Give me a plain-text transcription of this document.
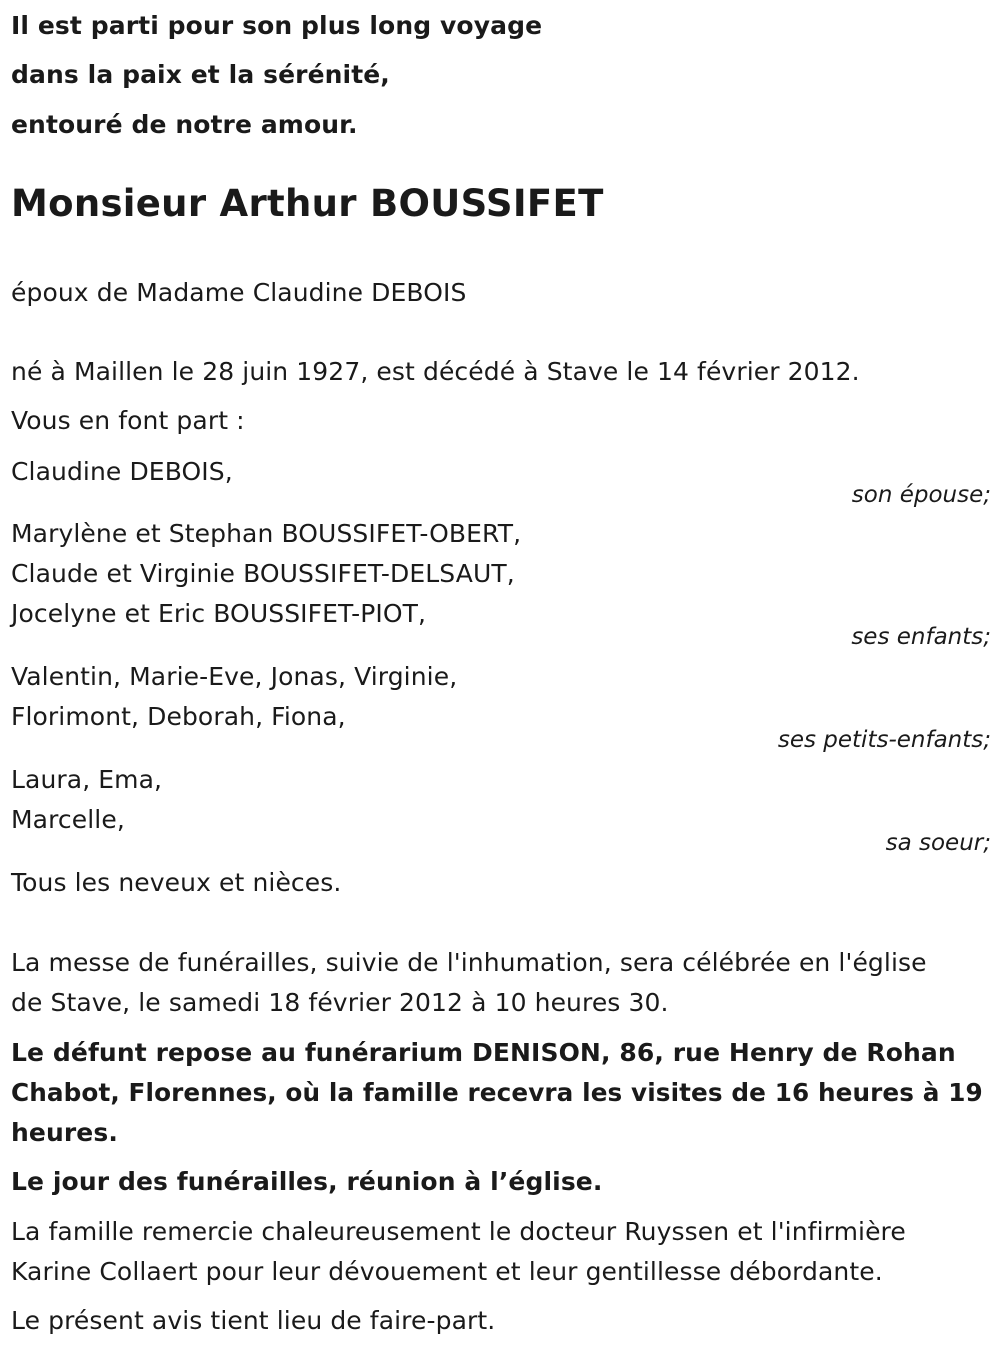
Il est parti pour son plus long voyage
dans la paix et la sérénité,
entouré de notre amour.
Monsieur Arthur BOUSSIFET
époux de Madame Claudine DEBOIS
né à Maillen le 28 juin 1927, est décédé à Stave le 14 février 2012.
Vous en font part :
Claudine DEBOIS,
son épouse;
Marylène et Stephan BOUSSIFET-OBERT,
Claude et Virginie BOUSSIFET-DELSAUT,
Jocelyne et Eric BOUSSIFET-PIOT,
ses enfants;
Valentin, Marie-Eve, Jonas, Virginie,
Florimont, Deborah, Fiona,
ses petits-enfants;
Laura, Ema,
Marcelle,
sa soeur;
Tous les neveux et nièces.
La messe de funérailles, suivie de l'inhumation, sera célébrée en l'église
de Stave, le samedi 18 février 2012 à 10 heures 30.
Le défunt repose au funérarium DENISON, 86, rue Henry de Rohan
Chabot, Florennes, où la famille recevra les visites de 16 heures à 19
heures.
Le jour des funérailles, réunion à l’église.
La famille remercie chaleureusement le docteur Ruyssen et l'infirmière
Karine Collaert pour leur dévouement et leur gentillesse débordante.
Le présent avis tient lieu de faire-part.
